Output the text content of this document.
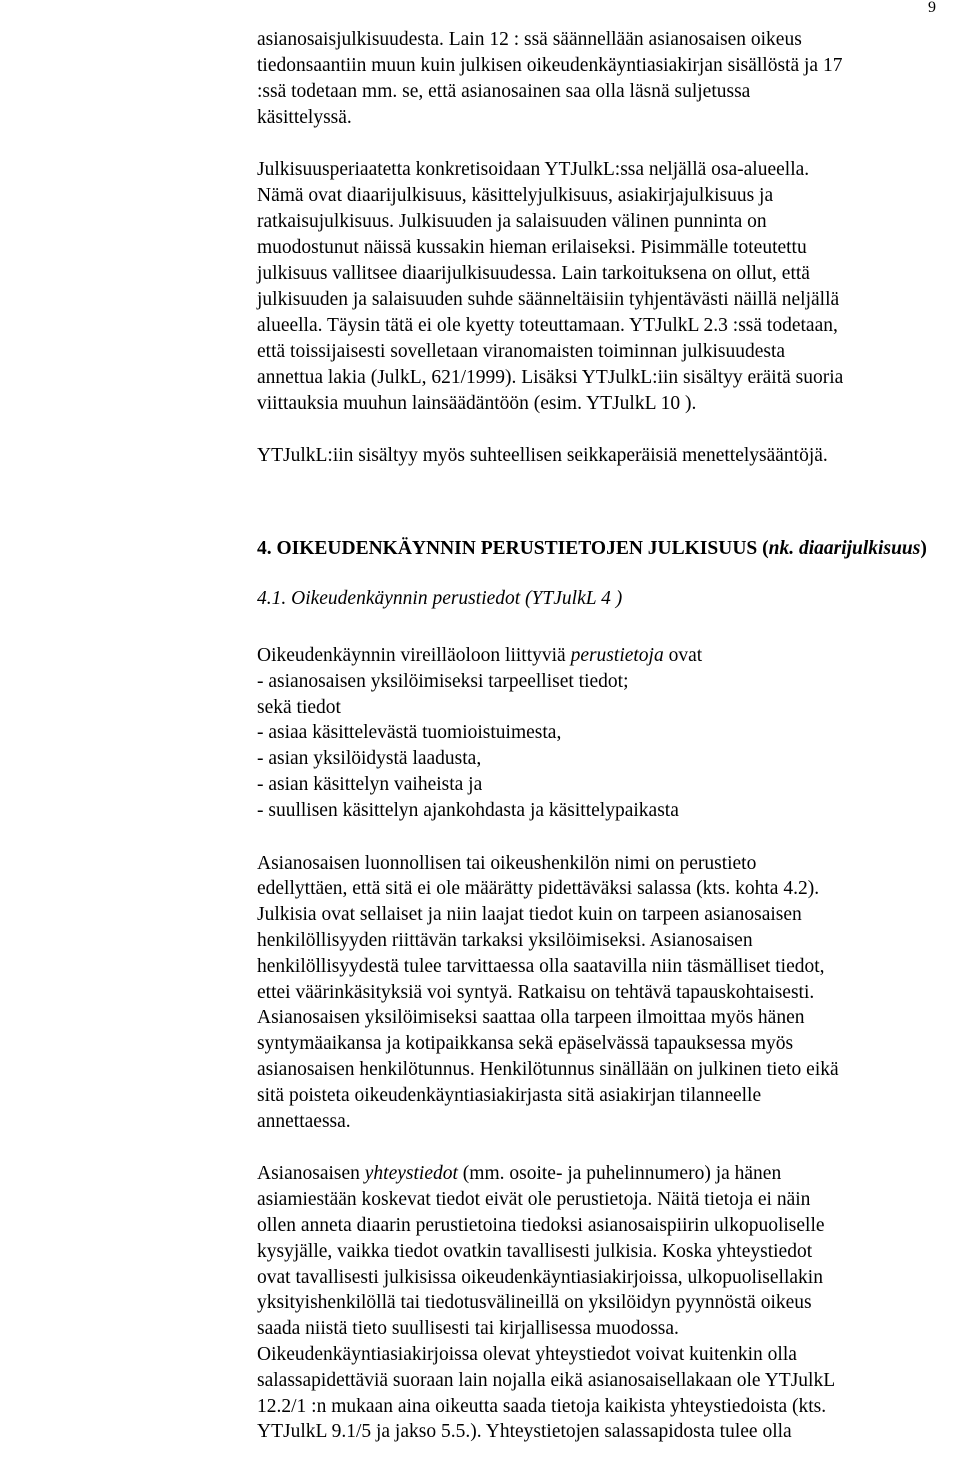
9
asianosaisjulkisuudesta. Lain 12 : ssä säännellään asianosaisen oikeus
tiedonsaantiin muun kuin julkisen oikeudenkäyntiasiakirjan sisällöstä ja 17
:ssä todetaan mm. se, että asianosainen saa olla läsnä suljetussa
käsittelyssä.
Julkisuusperiaatetta konkretisoidaan YTJulkL:ssa neljällä osa-alueella.
Nämä ovat diaarijulkisuus, käsittelyjulkisuus, asiakirjajulkisuus ja
ratkaisujulkisuus. Julkisuuden ja salaisuuden välinen punninta on
muodostunut näissä kussakin hieman erilaiseksi. Pisimmälle toteutettu
julkisuus vallitsee diaarijulkisuudessa. Lain tarkoituksena on ollut, että
julkisuuden ja salaisuuden suhde säänneltäisiin tyhjentävästi näillä neljällä
alueella. Täysin tätä ei ole kyetty toteuttamaan. YTJulkL 2.3 :ssä todetaan,
että toissijaisesti sovelletaan viranomaisten toiminnan julkisuudesta
annettua lakia (JulkL, 621/1999). Lisäksi YTJulkL:iin sisältyy eräitä suoria
viittauksia muuhun lainsäädäntöön (esim. YTJulkL 10 ).
YTJulkL:iin sisältyy myös suhteellisen seikkaperäisiä menettelysääntöjä.
4. OIKEUDENKÄYNNIN PERUSTIETOJEN JULKISUUS (nk. diaarijulkisuus)
4.1. Oikeudenkäynnin perustiedot (YTJulkL 4 )
Oikeudenkäynnin vireilläoloon liittyviä perustietoja ovat
- asianosaisen yksilöimiseksi tarpeelliset tiedot;
sekä tiedot
- asiaa käsittelevästä tuomioistuimesta,
- asian yksilöidystä laadusta,
- asian käsittelyn vaiheista ja
- suullisen käsittelyn ajankohdasta ja käsittelypaikasta
Asianosaisen luonnollisen tai oikeushenkilön nimi on perustieto
edellyttäen, että sitä ei ole määrätty pidettäväksi salassa (kts. kohta 4.2).
Julkisia ovat sellaiset ja niin laajat tiedot kuin on tarpeen asianosaisen
henkilöllisyyden riittävän tarkaksi yksilöimiseksi. Asianosaisen
henkilöllisyydestä tulee tarvittaessa olla saatavilla niin täsmälliset tiedot,
ettei väärinkäsityksiä voi syntyä. Ratkaisu on tehtävä tapauskohtaisesti.
Asianosaisen yksilöimiseksi saattaa olla tarpeen ilmoittaa myös hänen
syntymäaikansa ja kotipaikkansa sekä epäselvässä tapauksessa myös
asianosaisen henkilötunnus. Henkilötunnus sinällään on julkinen tieto eikä
sitä poisteta oikeudenkäyntiasiakirjasta sitä asiakirjan tilanneelle
annettaessa.
Asianosaisen yhteystiedot (mm. osoite- ja puhelinnumero) ja hänen
asiamiestään koskevat tiedot eivät ole perustietoja. Näitä tietoja ei näin
ollen anneta diaarin perustietoina tiedoksi asianosaispiirin ulkopuoliselle
kysyjälle, vaikka tiedot ovatkin tavallisesti julkisia. Koska yhteystiedot
ovat tavallisesti julkisissa oikeudenkäyntiasiakirjoissa, ulkopuolisellakin
yksityishenkilöllä tai tiedotusvälineillä on yksilöidyn pyynnöstä oikeus
saada niistä tieto suullisesti tai kirjallisessa muodossa.
Oikeudenkäyntiasiakirjoissa olevat yhteystiedot voivat kuitenkin olla
salassapidettäviä suoraan lain nojalla eikä asianosaisellakaan ole YTJulkL
12.2/1 :n mukaan aina oikeutta saada tietoja kaikista yhteystiedoista (kts.
YTJulkL 9.1/5 ja jakso 5.5.). Yhteystietojen salassapidosta tulee olla
